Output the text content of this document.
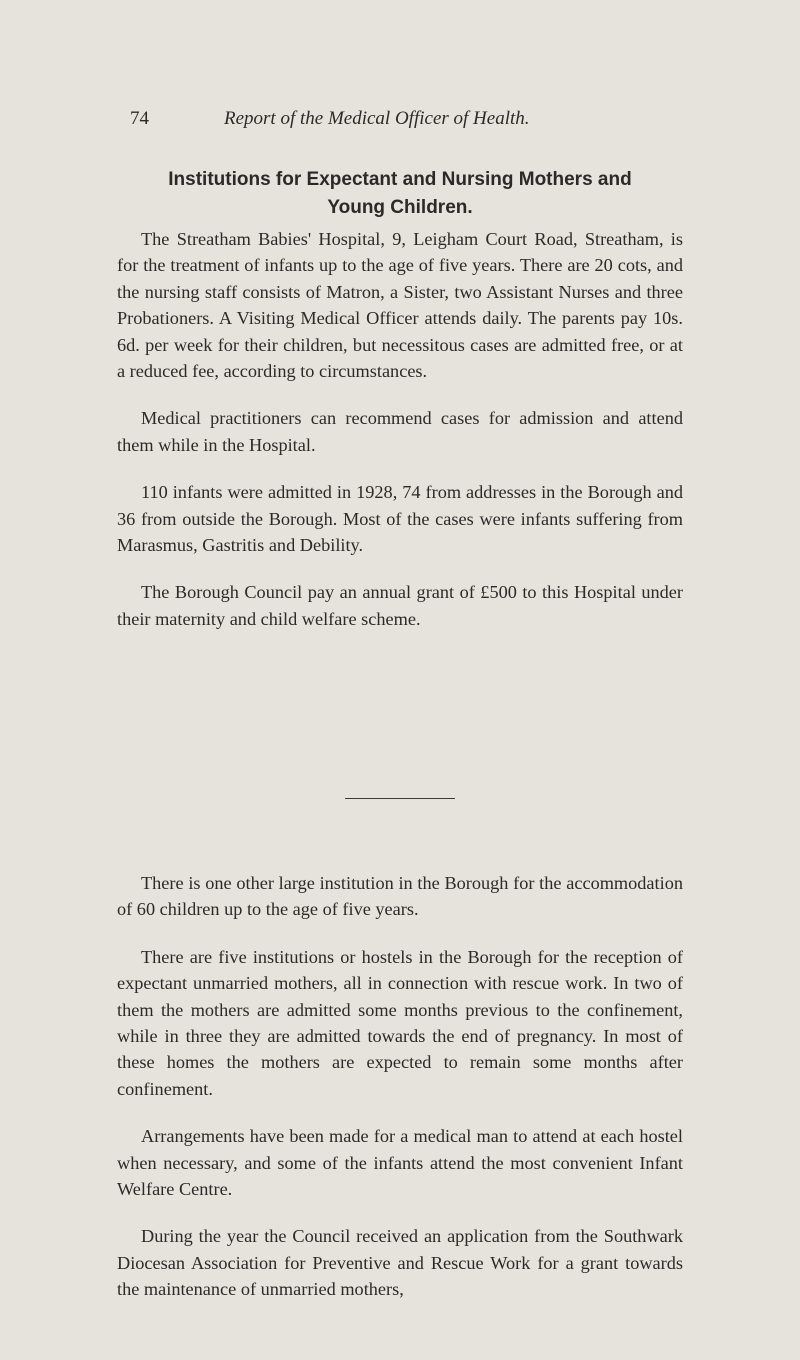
74	Report of the Medical Officer of Health.
Institutions for Expectant and Nursing Mothers and
Young Children.

The Streatham Babies' Hospital, 9, Leigham Court Road, Streatham, is for the treatment of infants up to the age of five years. There are 20 cots, and the nursing staff consists of Matron, a Sister, two Assistant Nurses and three Probationers. A Visiting Medical Officer attends daily. The parents pay 10s. 6d. per week for their children, but necessitous cases are admitted free, or at a reduced fee, according to circumstances.

Medical practitioners can recommend cases for admission and attend them while in the Hospital.

110 infants were admitted in 1928, 74 from addresses in the Borough and 36 from outside the Borough. Most of the cases were infants suffering from Marasmus, Gastritis and Debility.

The Borough Council pay an annual grant of £500 to this Hospital under their maternity and child welfare scheme.

There is one other large institution in the Borough for the accommodation of 60 children up to the age of five years.

There are five institutions or hostels in the Borough for the reception of expectant unmarried mothers, all in connection with rescue work. In two of them the mothers are admitted some months previous to the confinement, while in three they are admitted towards the end of pregnancy. In most of these homes the mothers are expected to remain some months after confinement.

Arrangements have been made for a medical man to attend at each hostel when necessary, and some of the infants attend the most convenient Infant Welfare Centre.

During the year the Council received an application from the Southwark Diocesan Association for Preventive and Rescue Work for a grant towards the maintenance of unmarried mothers,
